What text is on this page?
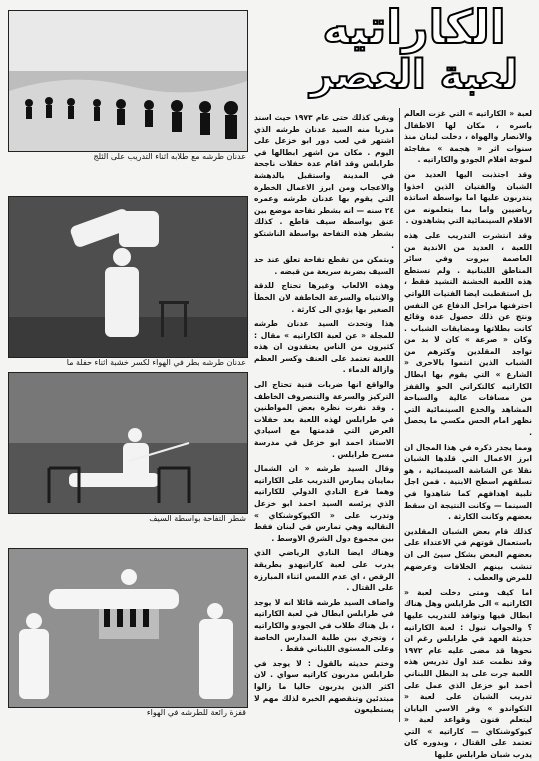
عدنان طرشه مع طلابه اثناء التدريب على الثلج
عدنان طرشه بطر في الهواء لكسر خشبة اثناء حفلة ما
شطر التفاحة بواسطة السيف
قفزة رائعة للطرشه في الهواء
الكاراتيه
لعبة العصر

لعبة « الكاراتيه » التي غزت العالم باسره ، مكان لها الاطفال والانصار والهواة ، دخلت لبنان منذ سنوات اثر « هجمة » مفاجئة لموجة افلام الجودو والكاراتيه .

وقد اجتذبت اليها العديد من الشبان والفتيان الذين اخذوا يتدربون عليها اما بواسطة اساتذة رياضيين واما بما يتعلمونه من الافلام السينمائية التي يشاهدون .

وقد انتشرت التدريب على هذه اللعبة ، العديد من الاندية من العاصمة بيروت وفي سائر المناطق اللبنانية . ولم تستطع هذه اللعبة الخشنة التشيد فقط ، بل استقطبت ايضا الفتيات اللواتي احترفنها مراحل الدفاع عن النفس ونتج عن ذلك حصول عدة وقائع كانت بطلاتها ومضايقات الشباب . وكان « صرعة » كان لا بد من تواجد المقلدين وكثرهم من الشباب الذين انتموا بالاحرى « الشارع » التي يقوم بها ابطال الكاراتيه كالتكراتي الحو والقفز من مسافات عالية والسباحة المشاهد والخدع السينمائية التي نظهر امام الحس مكسي ما يحصل .

ومما يجدر ذكره في هذا المجال ان ابرز الاعمال التي قلدها الشبان نقلا عن الشاشة السينمائية ، هو تسلقهم اسطح الابنية . فمن اجل تلبية اهدافهم كما شاهدوا في السينما — وكانت النتيجة ان سقط بعضهم وكانت الكارثة .

كذلك قام بعض الشبان المقلدين باستعمال قوتهم في الاعتداء على بعضهم البعض بشكل سيئ الى ان تنشب بينهم الخلافات وعرضهم للمرض والعطب .

اما كيف ومتى دخلت لعبة « الكاراتيه » الى طرابلس وهل هناك ابطال فيها وتوافد للتدريب عليها ؟ والجواب تبول : لعبة الكاراتيه حديثة العهد في طرابلس رغم ان نحوها قد مضى عليه عام ١٩٧٢ وقد نظمت عند اول تدريس هذه اللعبة جرت على يد البطل اللبناني أحمد ابو خزعل الذي عمل على تدريب الشبان على لعبة « التكواندو » وفر الاسي اليابان ليتعلم فنون وقواعد لعبة « كيوكوشنكاي — كاراتيه » التي تعتمد على القتال ، وبدوره كان يدرب شبان طرابلس عليها

وبقي كذلك حتى عام ١٩٧٣ حيث اسند مدربا منه السيد عدنان طرشه الذي اشتهر في لعب دور ابو خزعل على اليوم . مكان من اشهر ابطالها في طرابلس وقد اقام عدة حفلات ناجحة في المدينة واستقبل بالدهشة والاعجاب ومن ابرز الاعمال الخطرة التي يقوم بها عدنان طرشه وعمره ٢٤ سنه — انه بشطر تفاحة موضع بين عنق بواسطة سيف قاطع . كذلك بشطر هذه التفاحة بواسطة الناشتكو .

وبتمكن من تقطع تفاحة تعلق عند حد السيف بضربة سريعة من قبضه .

وهذه الالعاب وغيرها تحتاج للدقة والانتباه والسرعة الخاطفة لان الخطأ الصغير بها يؤدي الى كارثة .

هذا وتحدث السيد عدنان طرشه للمجلة « عن لعبة الكاراتيه » مقال : كثيرون من الناس يعتقدون ان هذه اللعبة تعتمد على العنف وكسر العظم وازالة الدماء .

والواقع انها ضربات فنية تحتاج الى التركيز والسرعة والتنصروف الخاطف . وقد نفرت نظرة بعض المواطنين في طرابلس لهذه اللعبة بعد حفلات العرض التي قدمتها مع اسيادي الاستاذ احمد ابو خزعل في مدرسة مسرح طرابلس .

وقال السيد طرشه « ان الشمال بمايبان يمارس التدريب على الكاراتيه وهما فرع النادي الدولي للكاراتيه الذي يرئسه السيد احمد ابو خزعل وتدرب على « الكيوكوشنكاي » النقاليه وهي تمارس في لبنان فقط بين مجموع دول الشرق الاوسط .

وهناك ايضا النادي الرياضي الذي يدرب على لعبة كاراتيهدو بطريقة الرقص ، اي عدم اللمس اثناء المبارزة على القتال .

واضاف السيد طرشه قائلا انه لا يوجد في طرابلس ابطال في لعبة الكاراتيه ، بل هناك طلاب في الجودو والكاراتيه ، وتجري بين طلبة المدارس الخاصة وعلى المستوى اللبناني فقط .

وختم حديثه بالقول : لا يوجد في طرابلس مدربون كاراتيه سواي . لان اكثر الذين يدربون حاليا ما زالوا مبتدئين وتنقصهم الخبرة لذلك مهم لا يستطيعون
